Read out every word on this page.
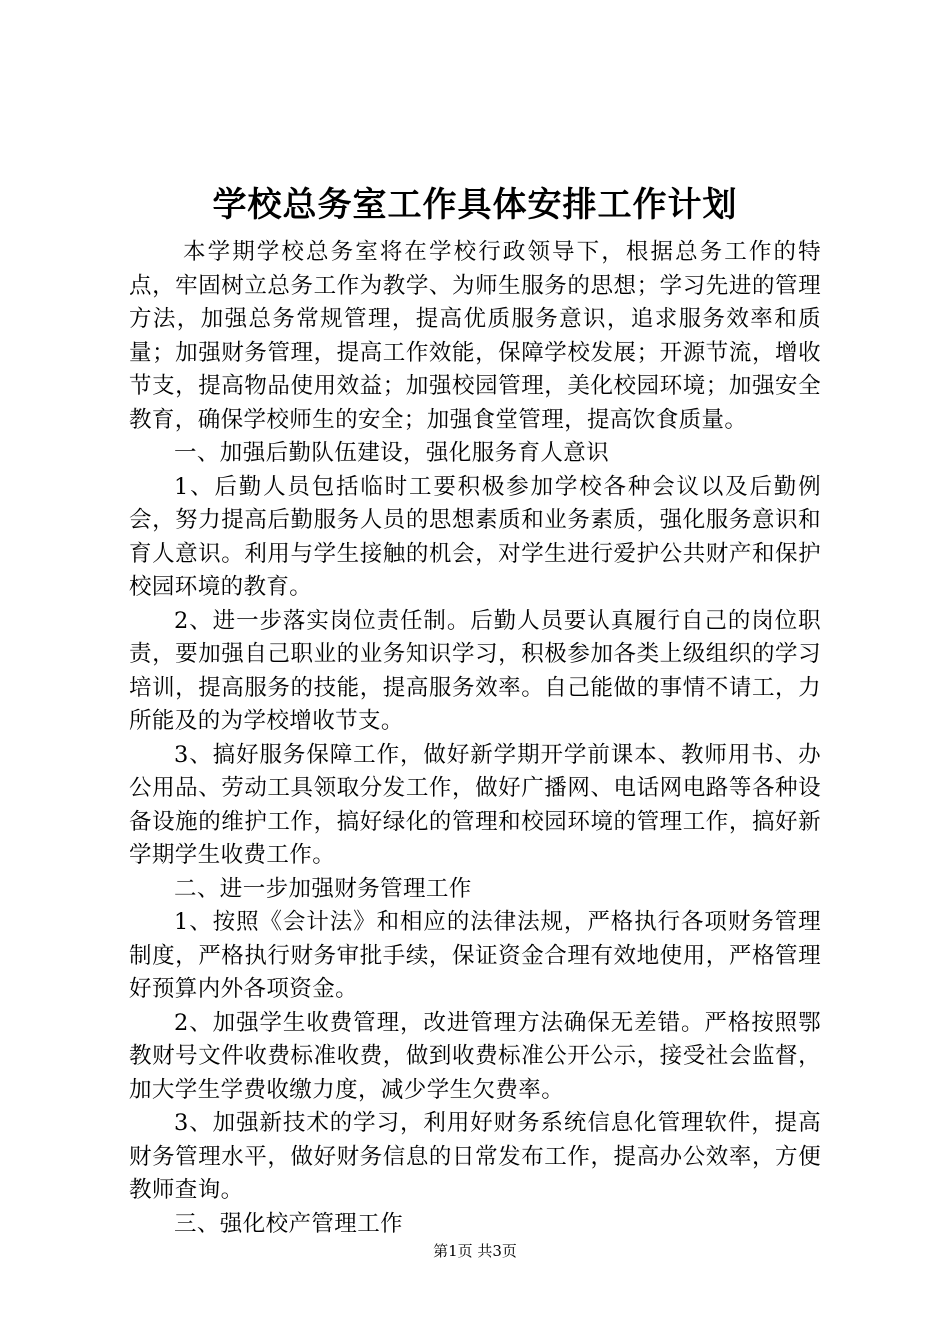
学校总务室工作具体安排工作计划

本学期学校总务室将在学校行政领导下，根据总务工作的特点，牢固树立总务工作为教学、为师生服务的思想；学习先进的管理方法，加强总务常规管理，提高优质服务意识，追求服务效率和质量；加强财务管理，提高工作效能，保障学校发展；开源节流，增收节支，提高物品使用效益；加强校园管理，美化校园环境；加强安全教育，确保学校师生的安全；加强食堂管理，提高饮食质量。

一、加强后勤队伍建设，强化服务育人意识

1、后勤人员包括临时工要积极参加学校各种会议以及后勤例会，努力提高后勤服务人员的思想素质和业务素质，强化服务意识和育人意识。利用与学生接触的机会，对学生进行爱护公共财产和保护校园环境的教育。

2、进一步落实岗位责任制。后勤人员要认真履行自己的岗位职责，要加强自己职业的业务知识学习，积极参加各类上级组织的学习培训，提高服务的技能，提高服务效率。自己能做的事情不请工，力所能及的为学校增收节支。

3、搞好服务保障工作，做好新学期开学前课本、教师用书、办公用品、劳动工具领取分发工作，做好广播网、电话网电路等各种设备设施的维护工作，搞好绿化的管理和校园环境的管理工作，搞好新学期学生收费工作。

二、进一步加强财务管理工作

1、按照《会计法》和相应的法律法规，严格执行各项财务管理制度，严格执行财务审批手续，保证资金合理有效地使用，严格管理好预算内外各项资金。

2、加强学生收费管理，改进管理方法确保无差错。严格按照鄂教财号文件收费标准收费，做到收费标准公开公示，接受社会监督，加大学生学费收缴力度，减少学生欠费率。

3、加强新技术的学习，利用好财务系统信息化管理软件，提高财务管理水平，做好财务信息的日常发布工作，提高办公效率，方便教师查询。

三、强化校产管理工作

第1页 共3页
